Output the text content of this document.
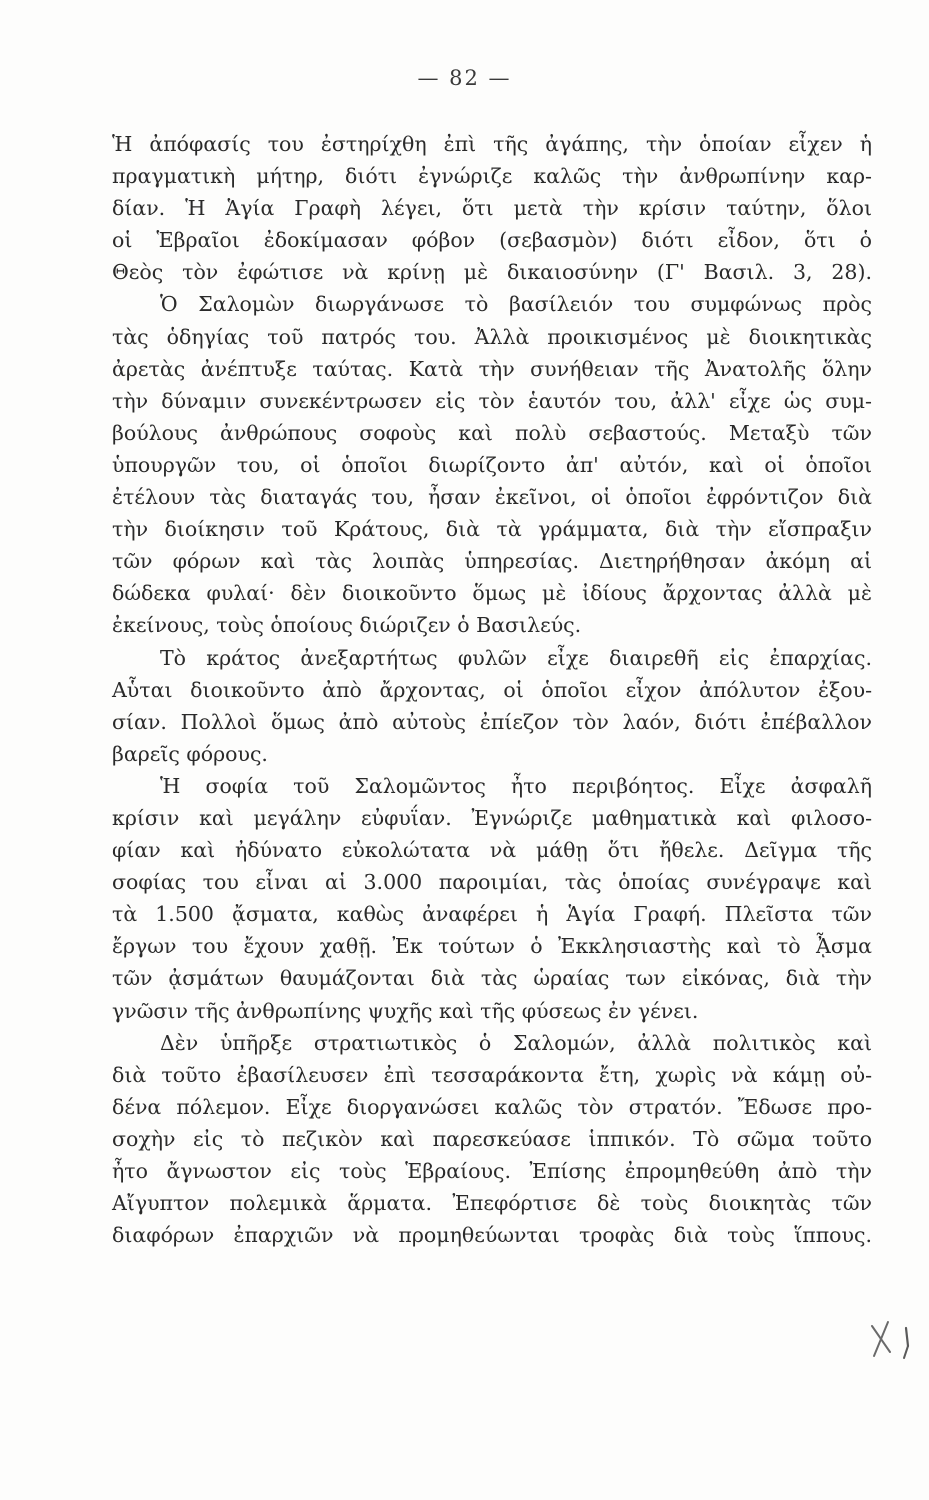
— 82 —
Ἡ ἀπόφασίς του ἐστηρίχθη ἐπὶ τῆς ἀγάπης, τὴν ὁποίαν εἶχεν ἡ
πραγματικὴ μήτηρ, διότι ἐγνώριζε καλῶς τὴν ἀνθρωπίνην καρ-
δίαν. Ἡ Ἁγία Γραφὴ λέγει, ὅτι μετὰ τὴν κρίσιν ταύτην, ὅλοι
οἱ Ἑβραῖοι ἐδοκίμασαν φόβον (σεβασμὸν) διότι εἶδον, ὅτι ὁ
Θεὸς τὸν ἐφώτισε νὰ κρίνῃ μὲ δικαιοσύνην (Γ' Βασιλ. 3, 28).
Ὁ Σαλομὼν διωργάνωσε τὸ βασίλειόν του συμφώνως πρὸς
τὰς ὁδηγίας τοῦ πατρός του. Ἀλλὰ προικισμένος μὲ διοικητικὰς
ἀρετὰς ἀνέπτυξε ταύτας. Κατὰ τὴν συνήθειαν τῆς Ἀνατολῆς ὅλην
τὴν δύναμιν συνεκέντρωσεν εἰς τὸν ἑαυτόν του, ἀλλ' εἶχε ὡς συμ-
βούλους ἀνθρώπους σοφοὺς καὶ πολὺ σεβαστούς. Μεταξὺ τῶν
ὑπουργῶν του, οἱ ὁποῖοι διωρίζοντο ἀπ' αὐτόν, καὶ οἱ ὁποῖοι
ἐτέλουν τὰς διαταγάς του, ἦσαν ἐκεῖνοι, οἱ ὁποῖοι ἐφρόντιζον διὰ
τὴν διοίκησιν τοῦ Κράτους, διὰ τὰ γράμματα, διὰ τὴν εἴσπραξιν
τῶν φόρων καὶ τὰς λοιπὰς ὑπηρεσίας. Διετηρήθησαν ἀκόμη αἱ
δώδεκα φυλαί· δὲν διοικοῦντο ὅμως μὲ ἰδίους ἄρχοντας ἀλλὰ μὲ
ἐκείνους, τοὺς ὁποίους διώριζεν ὁ Βασιλεύς.
Τὸ κράτος ἀνεξαρτήτως φυλῶν εἶχε διαιρεθῆ εἰς ἐπαρχίας.
Αὗται διοικοῦντο ἀπὸ ἄρχοντας, οἱ ὁποῖοι εἶχον ἀπόλυτον ἐξου-
σίαν. Πολλοὶ ὅμως ἀπὸ αὐτοὺς ἐπίεζον τὸν λαόν, διότι ἐπέβαλλον
βαρεῖς φόρους.
Ἡ σοφία τοῦ Σαλομῶντος ἦτο περιβόητος. Εἶχε ἀσφαλῆ
κρίσιν καὶ μεγάλην εὐφυΐαν. Ἐγνώριζε μαθηματικὰ καὶ φιλοσο-
φίαν καὶ ἠδύνατο εὐκολώτατα νὰ μάθῃ ὅτι ἤθελε. Δεῖγμα τῆς
σοφίας του εἶναι αἱ 3.000 παροιμίαι, τὰς ὁποίας συνέγραψε καὶ
τὰ 1.500 ᾄσματα, καθὼς ἀναφέρει ἡ Ἁγία Γραφή. Πλεῖστα τῶν
ἔργων του ἔχουν χαθῇ. Ἐκ τούτων ὁ Ἐκκλησιαστὴς καὶ τὸ ᾎσμα
τῶν ᾀσμάτων θαυμάζονται διὰ τὰς ὡραίας των εἰκόνας, διὰ τὴν
γνῶσιν τῆς ἀνθρωπίνης ψυχῆς καὶ τῆς φύσεως ἐν γένει.
Δὲν ὑπῆρξε στρατιωτικὸς ὁ Σαλομών, ἀλλὰ πολιτικὸς καὶ
διὰ τοῦτο ἐβασίλευσεν ἐπὶ τεσσαράκοντα ἔτη, χωρὶς νὰ κάμῃ οὐ-
δένα πόλεμον. Εἶχε διοργανώσει καλῶς τὸν στρατόν. Ἔδωσε προ-
σοχὴν εἰς τὸ πεζικὸν καὶ παρεσκεύασε ἱππικόν. Τὸ σῶμα τοῦτο
ἦτο ἄγνωστον εἰς τοὺς Ἑβραίους. Ἐπίσης ἐπρομηθεύθη ἀπὸ τὴν
Αἴγυπτον πολεμικὰ ἅρματα. Ἐπεφόρτισε δὲ τοὺς διοικητὰς τῶν
διαφόρων ἐπαρχιῶν νὰ προμηθεύωνται τροφὰς διὰ τοὺς ἵππους.
